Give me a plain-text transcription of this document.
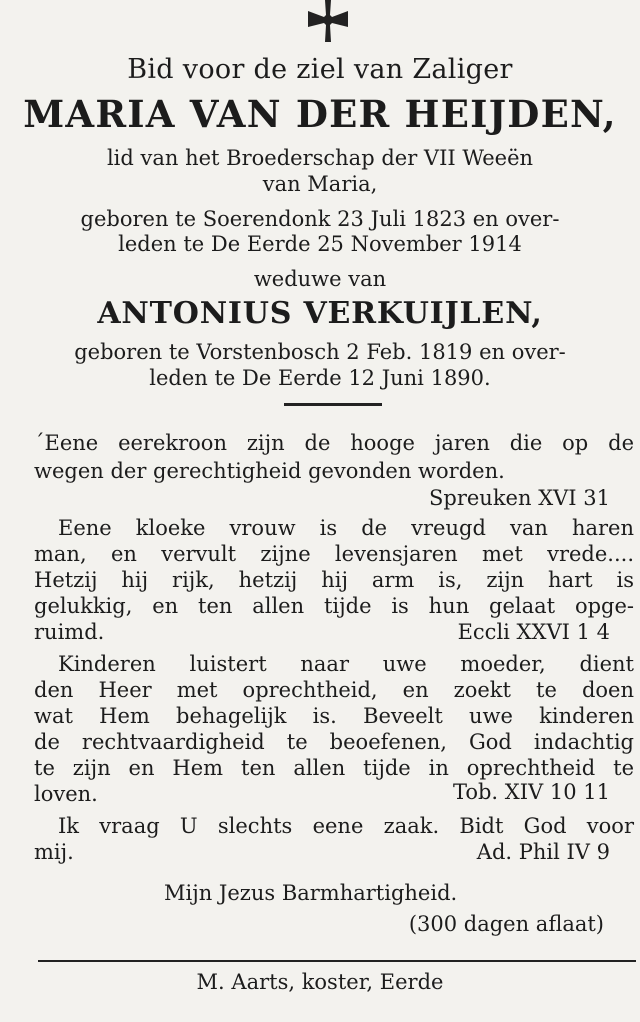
Bid voor de ziel van Zaliger
MARIA VAN DER HEIJDEN,
lid van het Broederschap der VII Weeën
van Maria,
geboren te Soerendonk 23 Juli 1823 en over-
leden te De Eerde 25 November 1914
weduwe van
ANTONIUS VERKUIJLEN,
geboren te Vorstenbosch 2 Feb. 1819 en over-
leden te De Eerde 12 Juni 1890.
´Eene eerekroon zijn de hooge jaren die op de
wegen der gerechtigheid gevonden worden.
Spreuken XVI 31
Eene kloeke vrouw is de vreugd van haren
man, en vervult zijne levensjaren met vrede....
Hetzij hij rijk, hetzij hij arm is, zijn hart is
gelukkig, en ten allen tijde is hun gelaat opge-
ruimd.	Eccli XXVI 1 4
Kinderen luistert naar uwe moeder, dient
den Heer met oprechtheid, en zoekt te doen
wat Hem behagelijk is. Beveelt uwe kinderen
de rechtvaardigheid te beoefenen, God indachtig
te zijn en Hem ten allen tijde in oprechtheid te
loven.	Tob. XIV 10 11
Ik vraag U slechts eene zaak. Bidt God voor
mij.	Ad. Phil IV 9
Mijn Jezus Barmhartigheid.
(300 dagen aflaat)
M. Aarts, koster, Eerde
